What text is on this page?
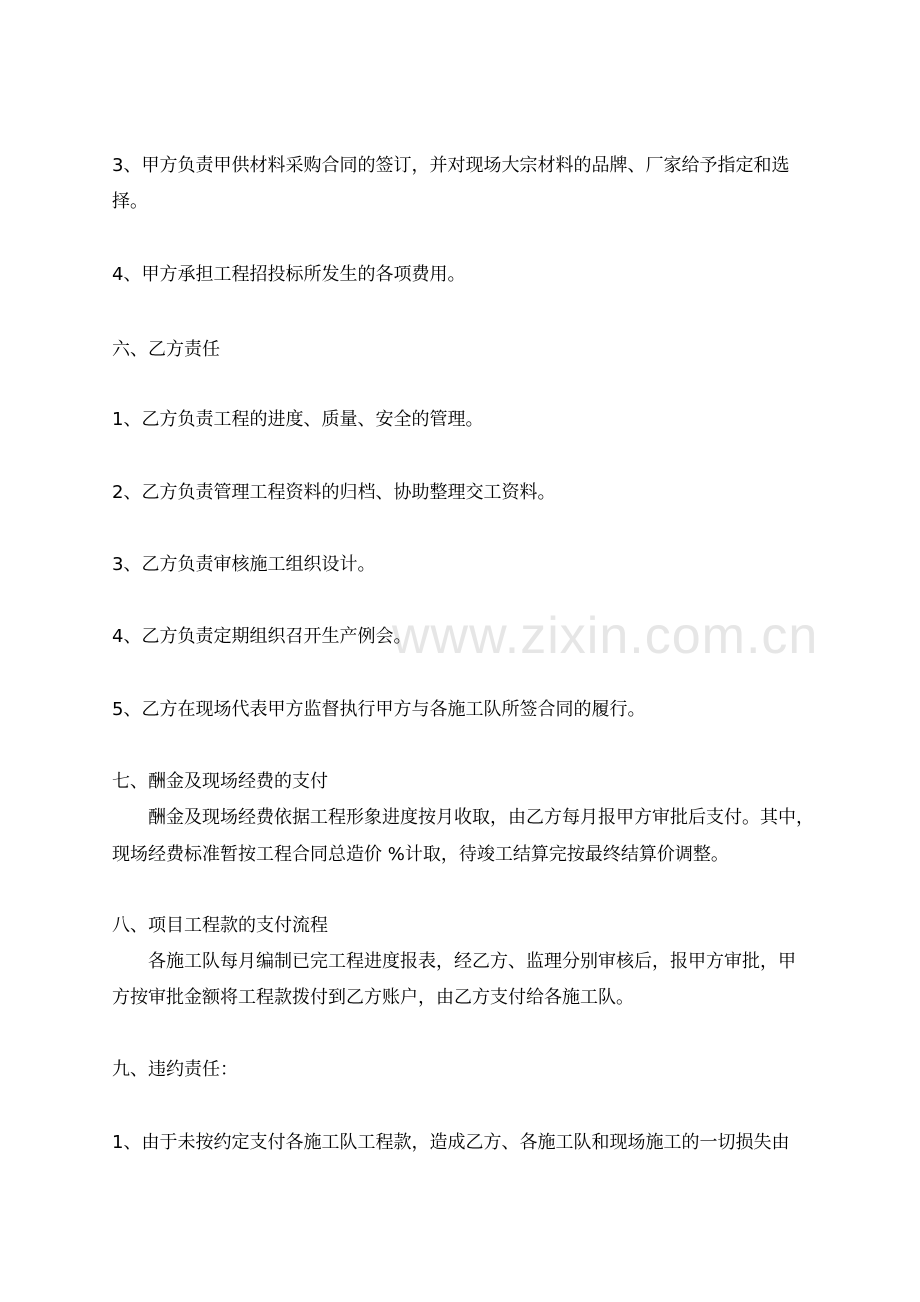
www.zixin.com.cn
3、甲方负责甲供材料采购合同的签订，并对现场大宗材料的品牌、厂家给予指定和选
择。
4、甲方承担工程招投标所发生的各项费用。
六、乙方责任
1、乙方负责工程的进度、质量、安全的管理。
2、乙方负责管理工程资料的归档、协助整理交工资料。
3、乙方负责审核施工组织设计。
4、乙方负责定期组织召开生产例会。
5、乙方在现场代表甲方监督执行甲方与各施工队所签合同的履行。
七、酬金及现场经费的支付
酬金及现场经费依据工程形象进度按月收取，由乙方每月报甲方审批后支付。其中，
现场经费标准暂按工程合同总造价 %计取，待竣工结算完按最终结算价调整。
八、项目工程款的支付流程
各施工队每月编制已完工程进度报表，经乙方、监理分别审核后，报甲方审批，甲
方按审批金额将工程款拨付到乙方账户，由乙方支付给各施工队。
九、违约责任：
1、由于未按约定支付各施工队工程款，造成乙方、各施工队和现场施工的一切损失由
